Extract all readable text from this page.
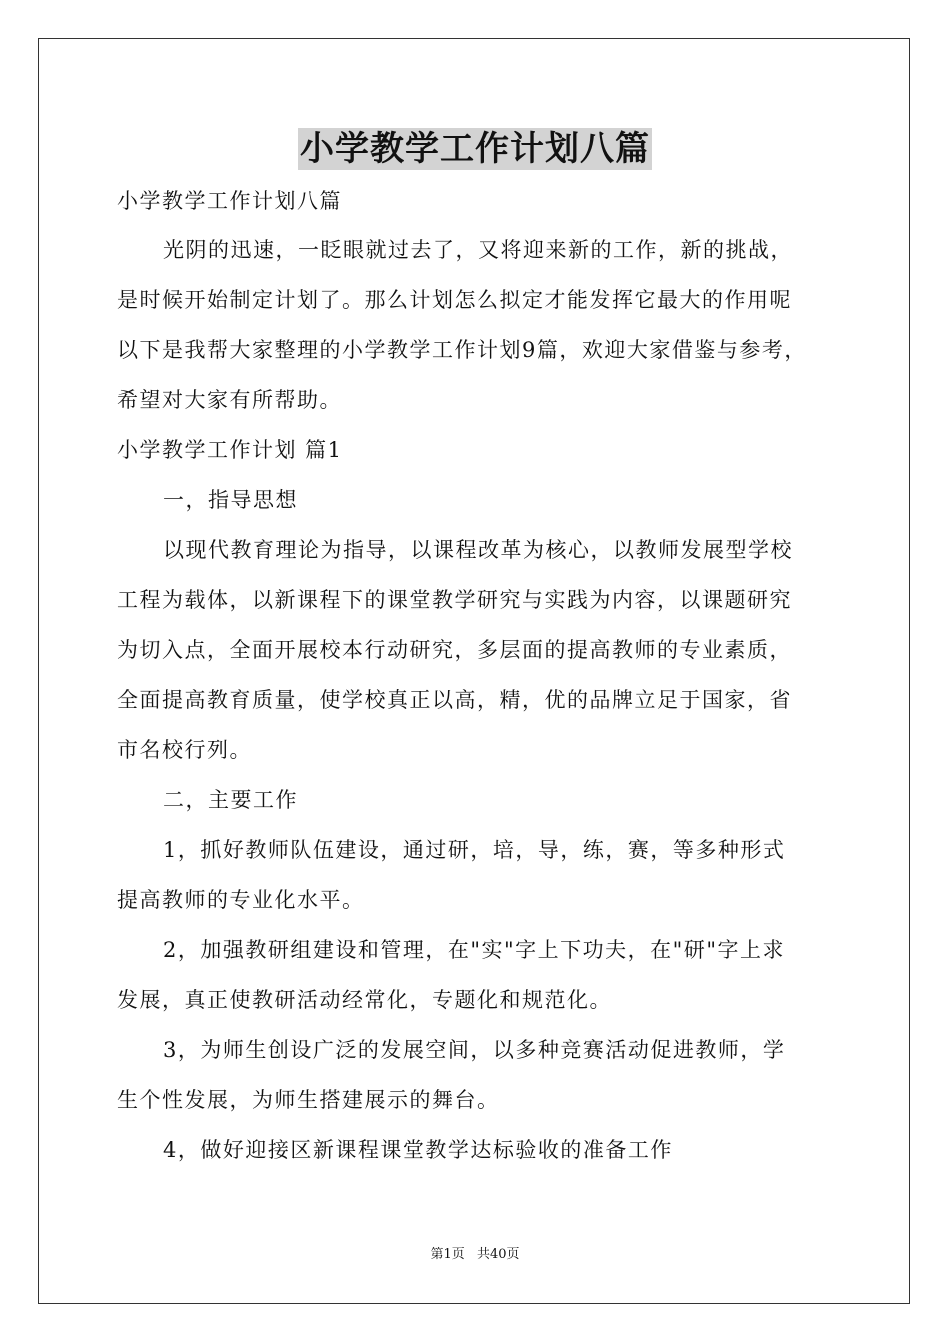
小学教学工作计划八篇
小学教学工作计划八篇
光阴的迅速，一眨眼就过去了，又将迎来新的工作，新的挑战，
是时候开始制定计划了。那么计划怎么拟定才能发挥它最大的作用呢
以下是我帮大家整理的小学教学工作计划9篇，欢迎大家借鉴与参考，
希望对大家有所帮助。
小学教学工作计划 篇1
一，指导思想
以现代教育理论为指导，以课程改革为核心，以教师发展型学校
工程为载体，以新课程下的课堂教学研究与实践为内容，以课题研究
为切入点，全面开展校本行动研究，多层面的提高教师的专业素质，
全面提高教育质量，使学校真正以高，精，优的品牌立足于国家，省
市名校行列。
二，主要工作
1，抓好教师队伍建设，通过研，培，导，练，赛，等多种形式
提高教师的专业化水平。
2，加强教研组建设和管理，在"实"字上下功夫，在"研"字上求
发展，真正使教研活动经常化，专题化和规范化。
3，为师生创设广泛的发展空间，以多种竞赛活动促进教师，学
生个性发展，为师生搭建展示的舞台。
4，做好迎接区新课程课堂教学达标验收的准备工作
第1页 共40页
